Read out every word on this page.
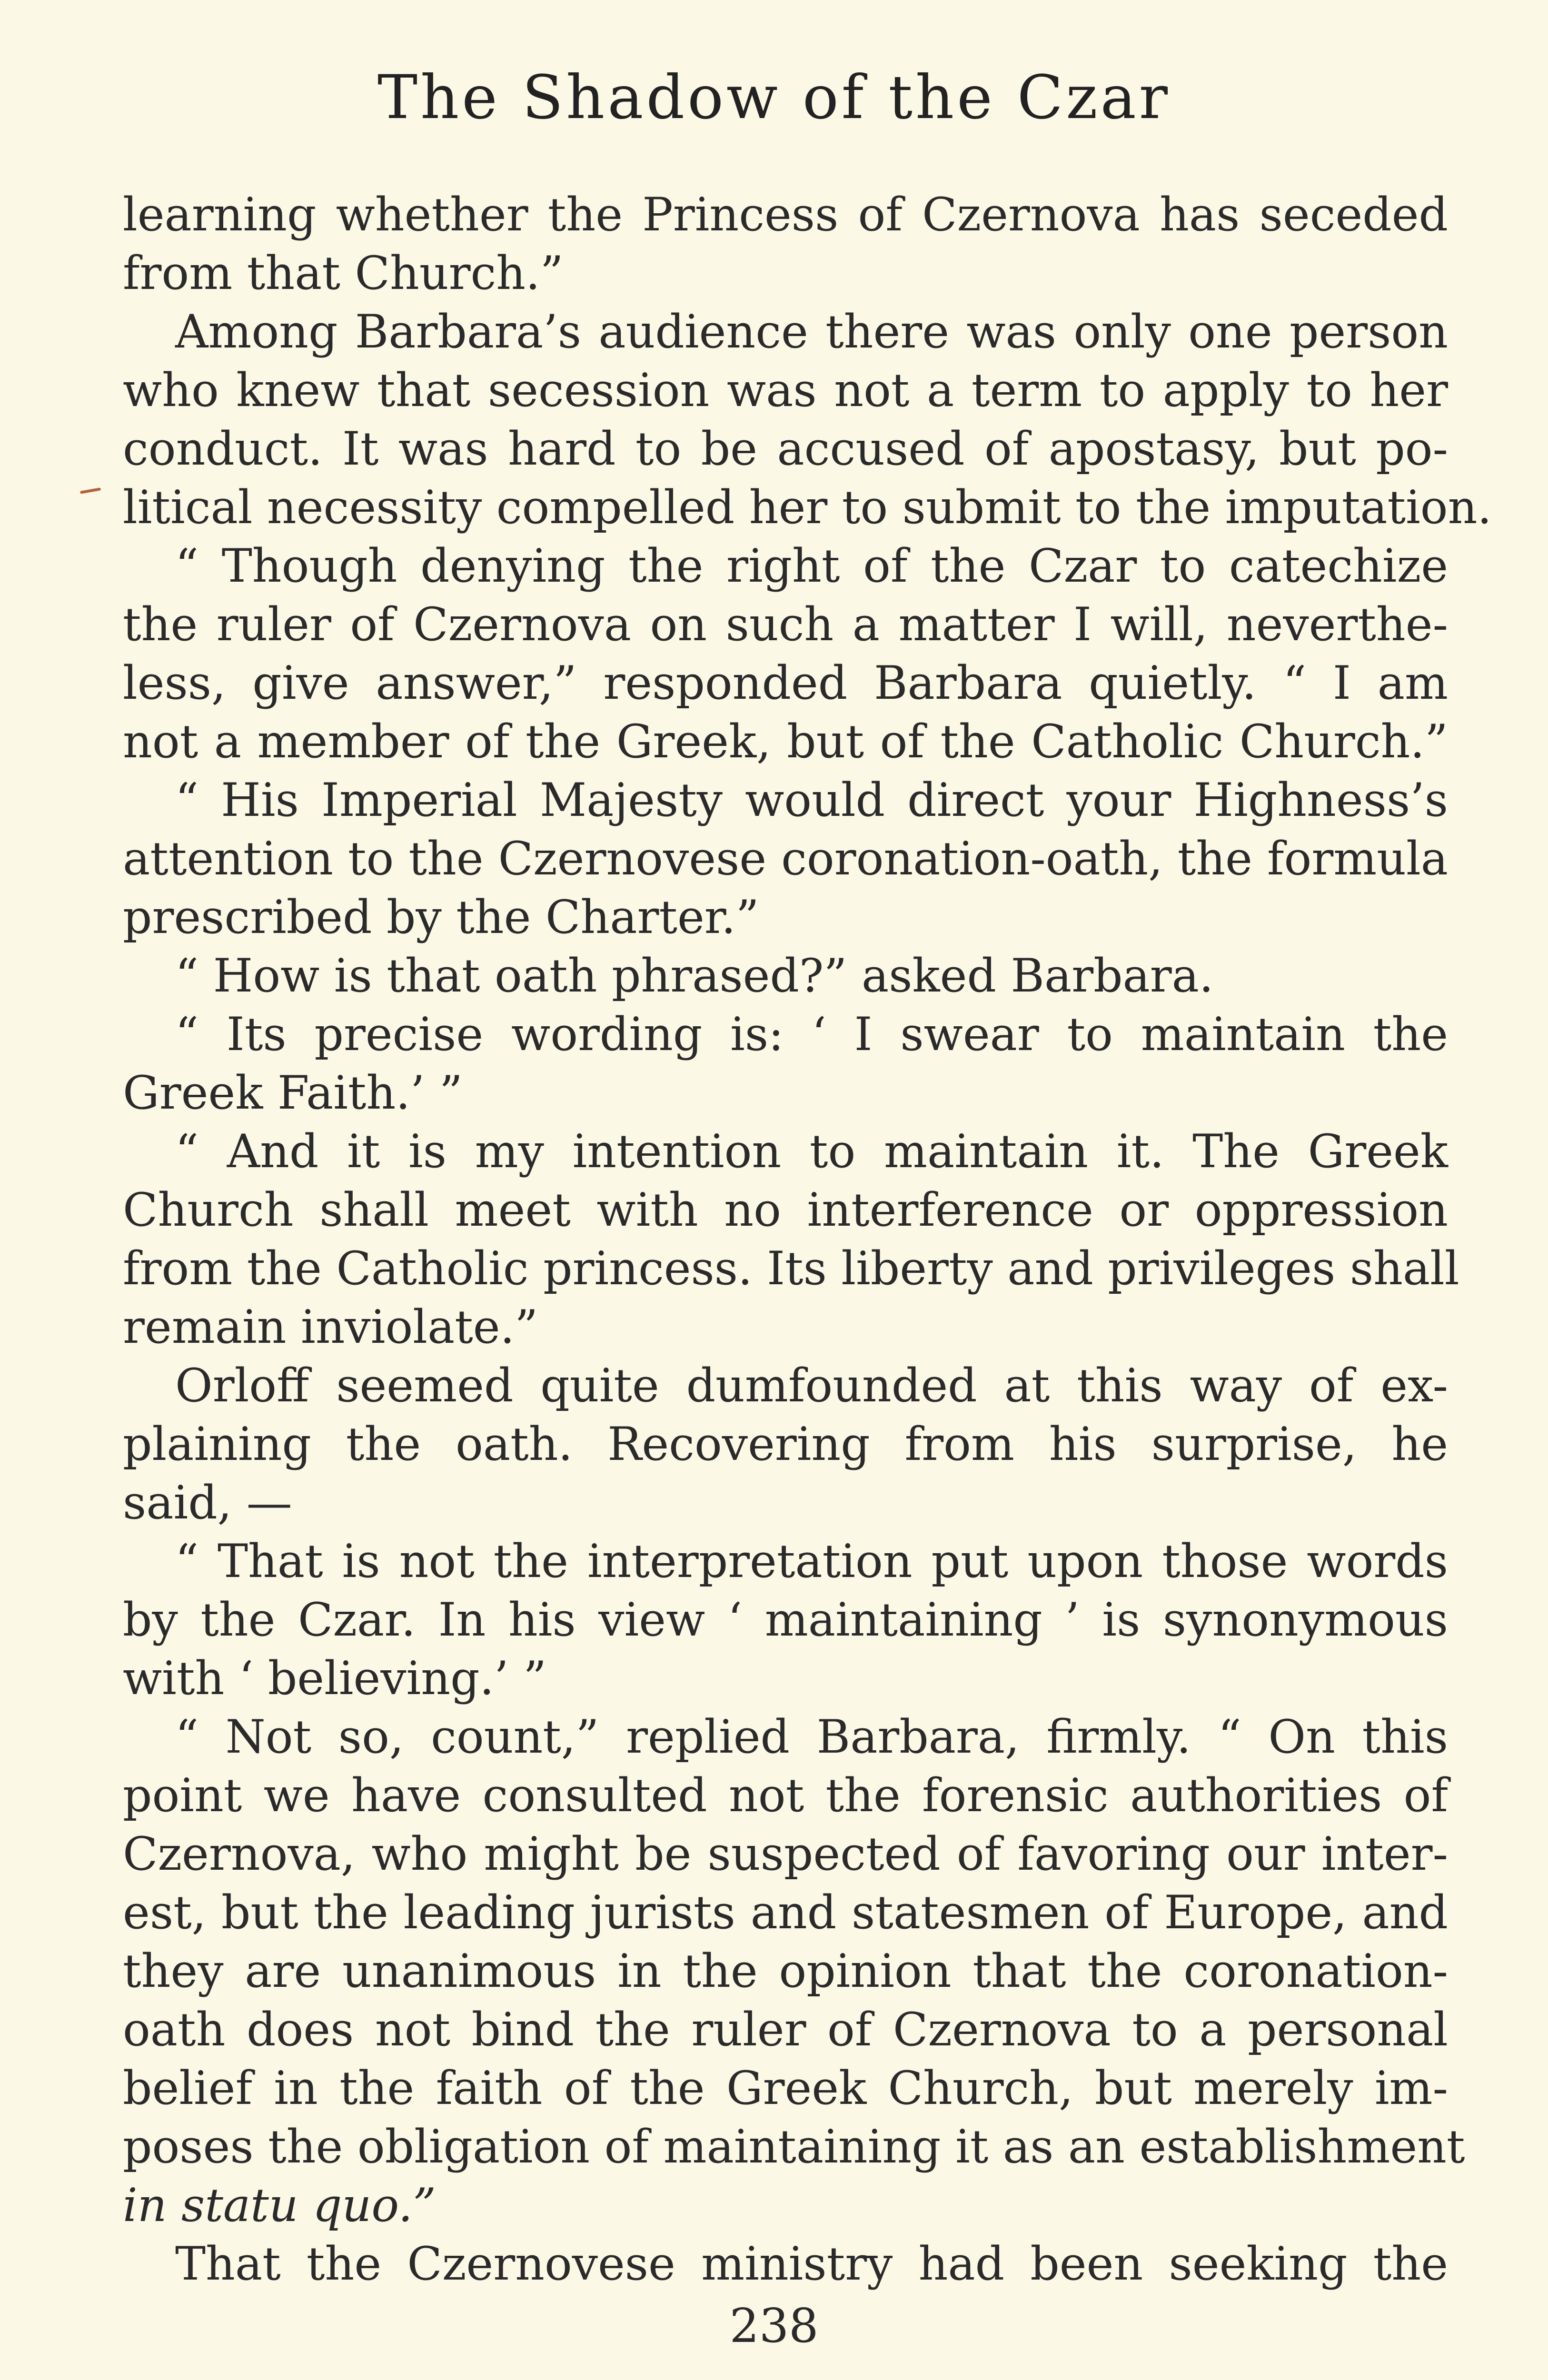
The Shadow of the Czar
learning whether the Princess of Czernova has seceded
from that Church.”
Among Barbara’s audience there was only one person
who knew that secession was not a term to apply to her
conduct. It was hard to be accused of apostasy, but po-
litical necessity compelled her to submit to the imputation.
“ Though denying the right of the Czar to catechize
the ruler of Czernova on such a matter I will, neverthe-
less, give answer,” responded Barbara quietly. “ I am
not a member of the Greek, but of the Catholic Church.”
“ His Imperial Majesty would direct your Highness’s
attention to the Czernovese coronation-oath, the formula
prescribed by the Charter.”
“ How is that oath phrased?” asked Barbara.
“ Its precise wording is: ‘ I swear to maintain the
Greek Faith.’ ”
“ And it is my intention to maintain it. The Greek
Church shall meet with no interference or oppression
from the Catholic princess. Its liberty and privileges shall
remain inviolate.”
Orloff seemed quite dumfounded at this way of ex-
plaining the oath. Recovering from his surprise, he
said, —
“ That is not the interpretation put upon those words
by the Czar. In his view ‘ maintaining ’ is synonymous
with ‘ believing.’ ”
“ Not so, count,” replied Barbara, firmly. “ On this
point we have consulted not the forensic authorities of
Czernova, who might be suspected of favoring our inter-
est, but the leading jurists and statesmen of Europe, and
they are unanimous in the opinion that the coronation-
oath does not bind the ruler of Czernova to a personal
belief in the faith of the Greek Church, but merely im-
poses the obligation of maintaining it as an establishment
in statu quo.”
That the Czernovese ministry had been seeking the
238
